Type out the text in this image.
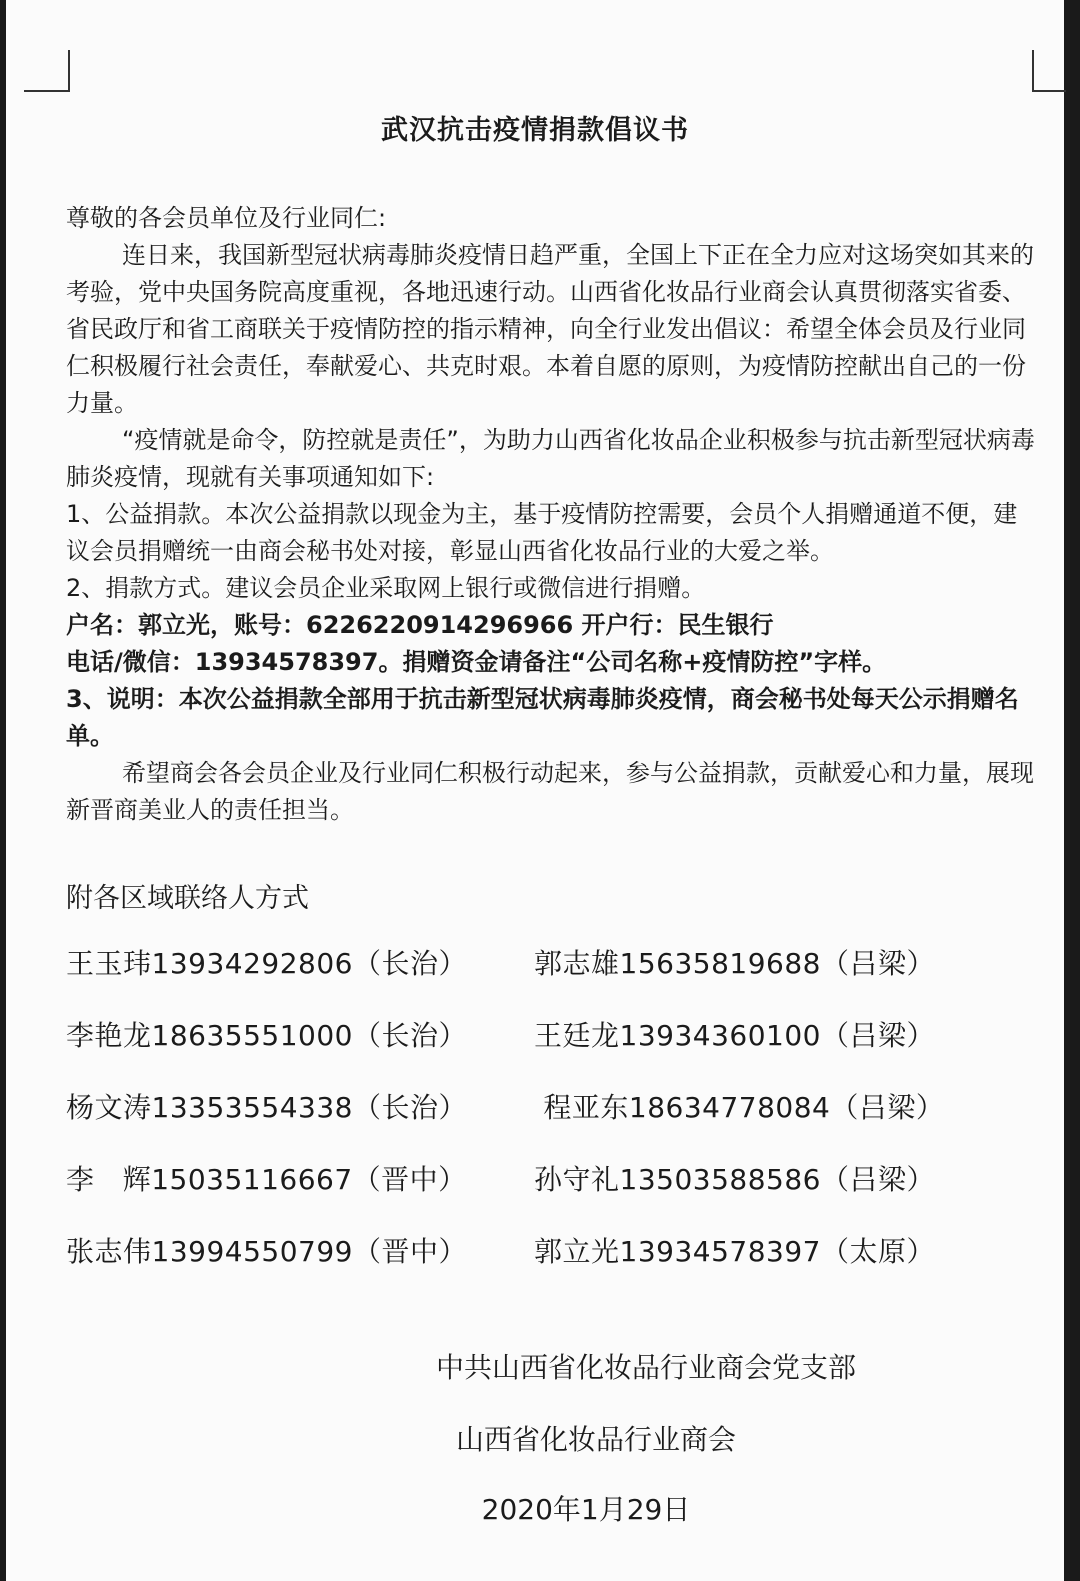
武汉抗击疫情捐款倡议书

尊敬的各会员单位及行业同仁:

连日来，我国新型冠状病毒肺炎疫情日趋严重，全国上下正在全力应对这场突如其来的考验，党中央国务院高度重视，各地迅速行动。山西省化妆品行业商会认真贯彻落实省委、省民政厅和省工商联关于疫情防控的指示精神，向全行业发出倡议：希望全体会员及行业同仁积极履行社会责任，奉献爱心、共克时艰。本着自愿的原则，为疫情防控献出自己的一份力量。

“疫情就是命令，防控就是责任”，为助力山西省化妆品企业积极参与抗击新型冠状病毒肺炎疫情，现就有关事项通知如下:

1、公益捐款。本次公益捐款以现金为主，基于疫情防控需要，会员个人捐赠通道不便，建议会员捐赠统一由商会秘书处对接，彰显山西省化妆品行业的大爱之举。

2、捐款方式。建议会员企业采取网上银行或微信进行捐赠。

户名：郭立光，账号：6226220914296966 开户行：民生银行

电话/微信：13934578397。捐赠资金请备注“公司名称+疫情防控”字样。

3、说明：本次公益捐款全部用于抗击新型冠状病毒肺炎疫情，商会秘书处每天公示捐赠名单。

希望商会各会员企业及行业同仁积极行动起来，参与公益捐款，贡献爱心和力量，展现新晋商美业人的责任担当。

附各区域联络人方式

王玉玮13934292806（长治） 郭志雄15635819688（吕梁）
李艳龙18635551000（长治） 王廷龙13934360100（吕梁）
杨文涛13353554338（长治） 程亚东18634778084（吕梁）
李   辉15035116667（晋中） 孙守礼13503588586（吕梁）
张志伟13994550799（晋中） 郭立光13934578397（太原）

中共山西省化妆品行业商会党支部

山西省化妆品行业商会

2020年1月29日
